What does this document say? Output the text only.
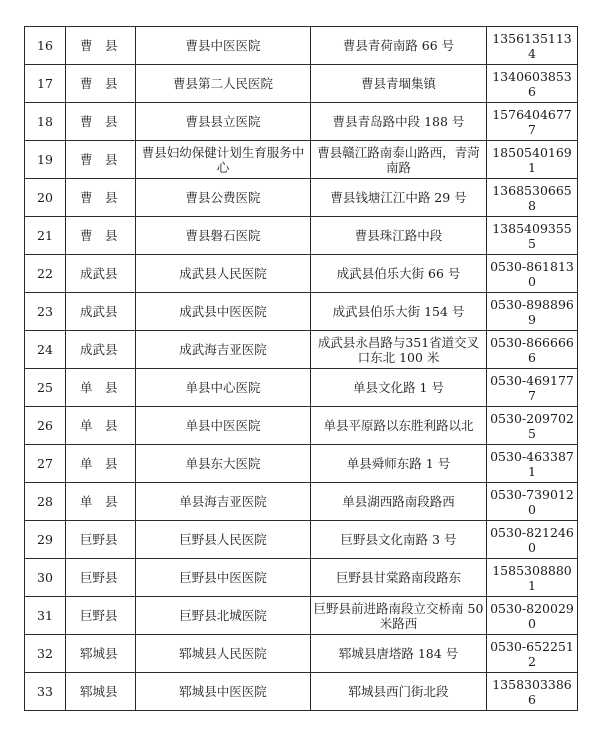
16	曹　县	曹县中医医院	曹县青荷南路 66 号	13561351134
17	曹　县	曹县第二人民医院	曹县青堌集镇	13406038536
18	曹　县	曹县县立医院	曹县青岛路中段 188 号	15764046777
19	曹　县	曹县妇幼保健计划生育服务中心	曹县赣江路南泰山路西，青菏南路	18505401691
20	曹　县	曹县公费医院	曹县钱塘江江中路 29 号	13685306658
21	曹　县	曹县磐石医院	曹县珠江路中段	13854093555
22	成武县	成武县人民医院	成武县伯乐大街 66 号	0530-8618130
23	成武县	成武县中医医院	成武县伯乐大街 154 号	0530-8988969
24	成武县	成武海吉亚医院	成武县永昌路与351省道交叉口东北 100 米	0530-8666666
25	单　县	单县中心医院	单县文化路 1 号	0530-4691777
26	单　县	单县中医医院	单县平原路以东胜利路以北	0530-2097025
27	单　县	单县东大医院	单县舜师东路 1 号	0530-4633871
28	单　县	单县海吉亚医院	单县湖西路南段路西	0530-7390120
29	巨野县	巨野县人民医院	巨野县文化南路 3 号	0530-8212460
30	巨野县	巨野县中医医院	巨野县甘棠路南段路东	15853088801
31	巨野县	巨野县北城医院	巨野县前进路南段立交桥南 50 米路西	0530-8200290
32	郓城县	郓城县人民医院	郓城县唐塔路 184 号	0530-6522512
33	郓城县	郓城县中医医院	郓城县西门街北段	13583033866
